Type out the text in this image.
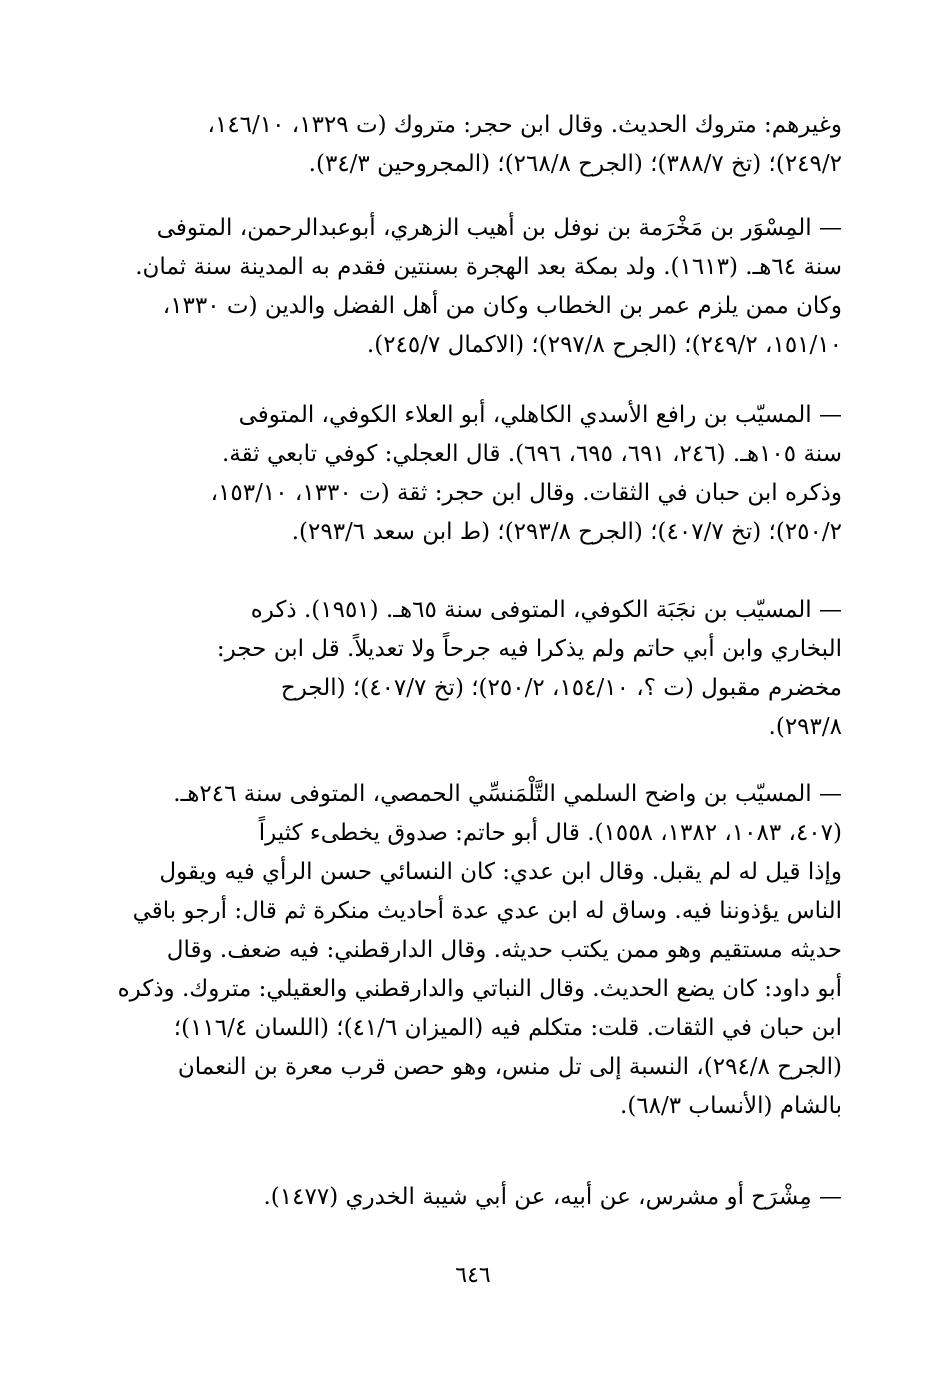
وغيرهم: متروك الحديث. وقال ابن حجر: متروك (ت ١٣٢٩، ١٤٦/١٠،
٢٤٩/٢)؛ (تخ ٣٨٨/٧)؛ (الجرح ٢٦٨/٨)؛ (المجروحين ٣٤/٣).
— المِسْوَر بن مَخْرَمة بن نوفل بن أهيب الزهري، أبوعبدالرحمن، المتوفى
سنة ٦٤هـ. (١٦١٣). ولد بمكة بعد الهجرة بسنتين فقدم به المدينة سنة ثمان.
وكان ممن يلزم عمر بن الخطاب وكان من أهل الفضل والدين (ت ١٣٣٠،
١٥١/١٠، ٢٤٩/٢)؛ (الجرح ٢٩٧/٨)؛ (الاكمال ٢٤٥/٧).
— المسيّب بن رافع الأسدي الكاهلي، أبو العلاء الكوفي، المتوفى
سنة ١٠٥هـ. (٢٤٦، ٦٩١، ٦٩٥، ٦٩٦). قال العجلي: كوفي تابعي ثقة.
وذكره ابن حبان في الثقات. وقال ابن حجر: ثقة (ت ١٣٣٠، ١٥٣/١٠،
٢٥٠/٢)؛ (تخ ٤٠٧/٧)؛ (الجرح ٢٩٣/٨)؛ (ط ابن سعد ٢٩٣/٦).
— المسيّب بن نجَبَة الكوفي، المتوفى سنة ٦٥هـ. (١٩٥١). ذكره
البخاري وابن أبي حاتم ولم يذكرا فيه جرحاً ولا تعديلاً. قل ابن حجر:
مخضرم مقبول (ت ؟، ١٥٤/١٠، ٢٥٠/٢)؛ (تخ ٤٠٧/٧)؛ (الجرح
٢٩٣/٨).
— المسيّب بن واضح السلمي التَّلْمَنسِّي الحمصي، المتوفى سنة ٢٤٦هـ.
(٤٠٧، ١٠٨٣، ١٣٨٢، ١٥٥٨). قال أبو حاتم: صدوق يخطىء كثيراً
وإذا قيل له لم يقبل. وقال ابن عدي: كان النسائي حسن الرأي فيه ويقول
الناس يؤذوننا فيه. وساق له ابن عدي عدة أحاديث منكرة ثم قال: أرجو باقي
حديثه مستقيم وهو ممن يكتب حديثه. وقال الدارقطني: فيه ضعف. وقال
أبو داود: كان يضع الحديث. وقال النباتي والدارقطني والعقيلي: متروك. وذكره
ابن حبان في الثقات. قلت: متكلم فيه (الميزان ٤١/٦)؛ (اللسان ١١٦/٤)؛
(الجرح ٢٩٤/٨)، النسبة إلى تل منس، وهو حصن قرب معرة بن النعمان
بالشام (الأنساب ٦٨/٣).
— مِشْرَح أو مشرس، عن أبيه، عن أبي شيبة الخدري (١٤٧٧).
٦٤٦
